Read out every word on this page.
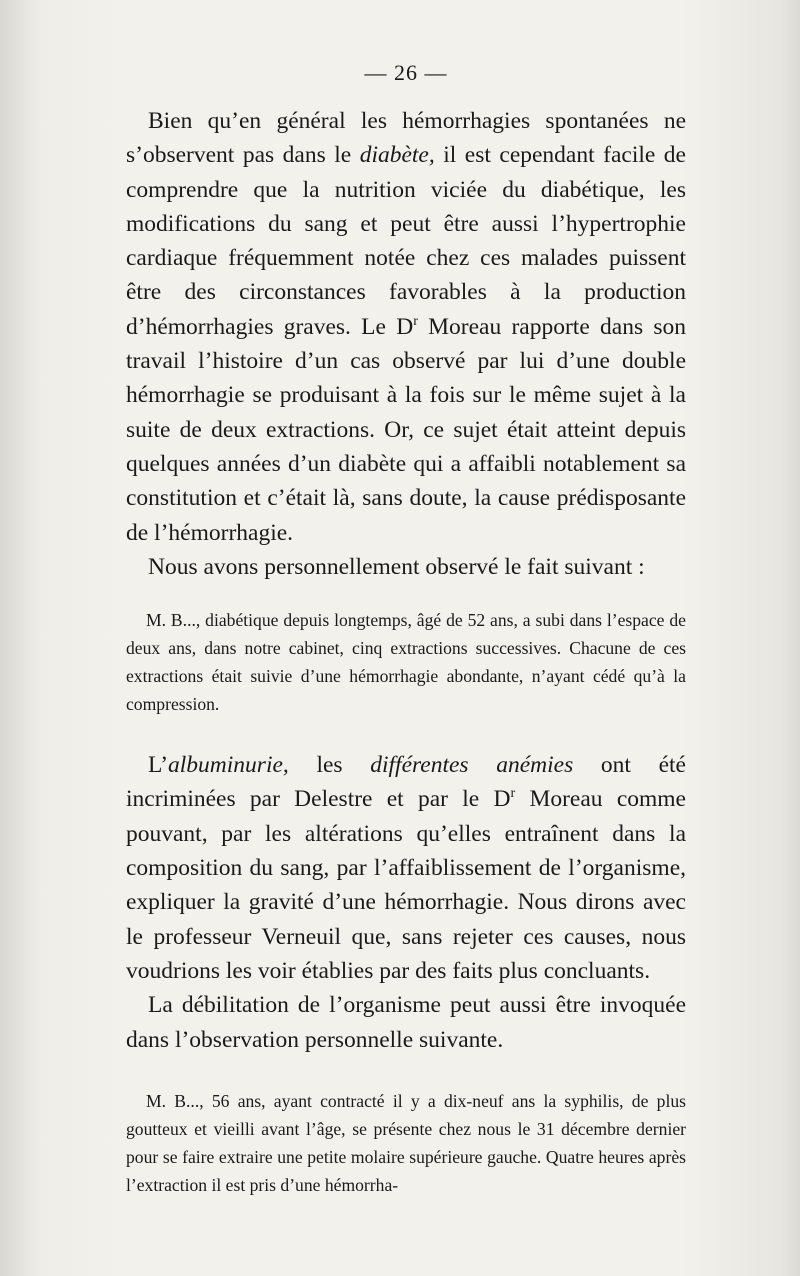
— 26 —

Bien qu’en général les hémorrhagies spontanées ne s’observent pas dans le diabète, il est cependant facile de comprendre que la nutrition viciée du diabétique, les modifications du sang et peut être aussi l’hypertrophie cardiaque fréquemment notée chez ces malades puissent être des circonstances favorables à la production d’hémorrhagies graves. Le $D^r$ Moreau rapporte dans son travail l’histoire d’un cas observé par lui d’une double hémorrhagie se produisant à la fois sur le même sujet à la suite de deux extractions. Or, ce sujet était atteint depuis quelques années d’un diabète qui a affaibli notablement sa constitution et c’était là, sans doute, la cause prédisposante de l’hémorrhagie.

Nous avons personnellement observé le fait suivant :

M. B..., diabétique depuis longtemps, âgé de 52 ans, a subi dans l’espace de deux ans, dans notre cabinet, cinq extractions successives. Chacune de ces extractions était suivie d’une hémorrhagie abondante, n’ayant cédé qu’à la compression.

L’albuminurie, les différentes anémies ont été incriminées par Delestre et par le $D^r$ Moreau comme pouvant, par les altérations qu’elles entraînent dans la composition du sang, par l’affaiblissement de l’organisme, expliquer la gravité d’une hémorrhagie. Nous dirons avec le professeur Verneuil que, sans rejeter ces causes, nous voudrions les voir établies par des faits plus concluants.

La débilitation de l’organisme peut aussi être invoquée dans l’observation personnelle suivante.

M. B..., 56 ans, ayant contracté il y a dix-neuf ans la syphilis, de plus goutteux et vieilli avant l’âge, se présente chez nous le 31 décembre dernier pour se faire extraire une petite molaire supérieure gauche. Quatre heures après l’extraction il est pris d’une hémorrha-
